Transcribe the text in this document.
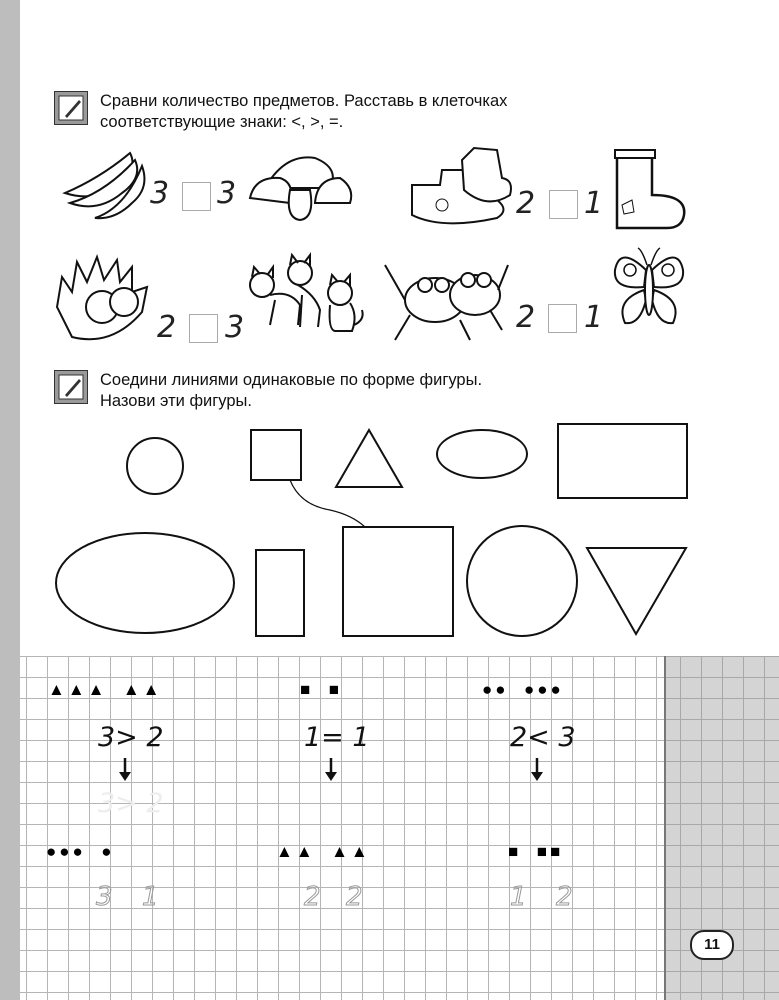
Сравни количество предметов. Расставь в клеточках
соответствующие знаки: <, >, =.
3 3	2 1
2 3	2 1
Соедини линиями одинаковые по форме фигуры.
Назови эти фигуры.
▲▲▲  ▲▲
3> 2
3> 2
●●●  ●
3 1
■  ■
1= 1
▲▲  ▲▲
2 2
●●  ●●●
2< 3
■  ■■
1 2
11
